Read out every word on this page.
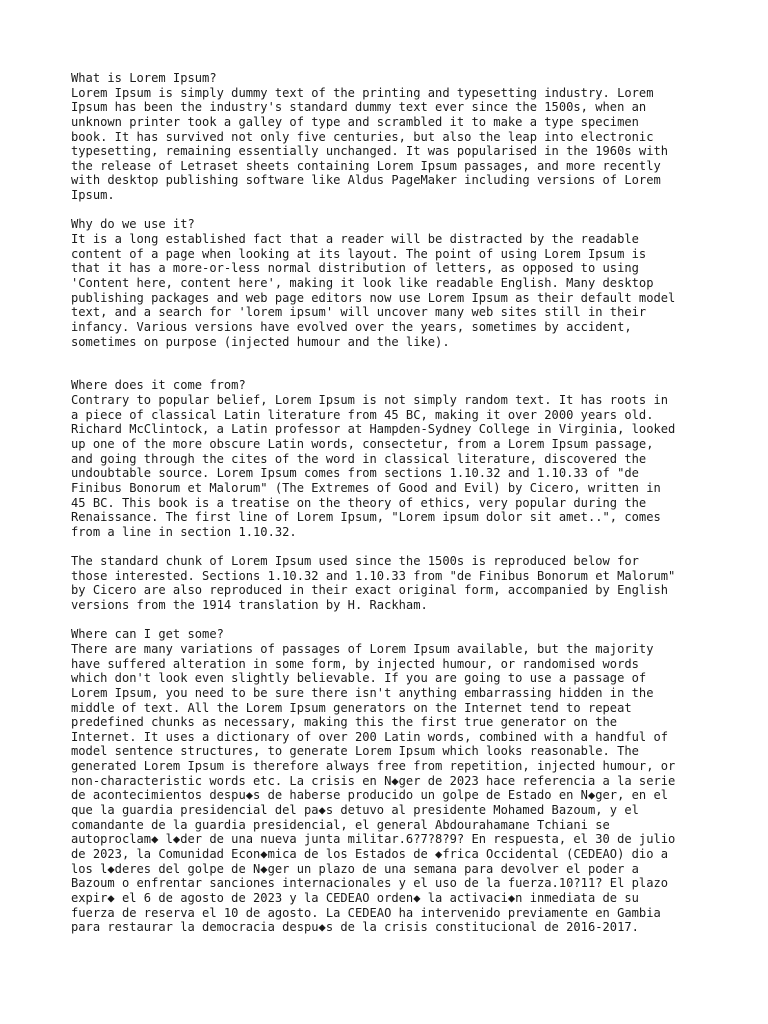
What is Lorem Ipsum?
Lorem Ipsum is simply dummy text of the printing and typesetting industry. Lorem
Ipsum has been the industry's standard dummy text ever since the 1500s, when an
unknown printer took a galley of type and scrambled it to make a type specimen
book. It has survived not only five centuries, but also the leap into electronic
typesetting, remaining essentially unchanged. It was popularised in the 1960s with
the release of Letraset sheets containing Lorem Ipsum passages, and more recently
with desktop publishing software like Aldus PageMaker including versions of Lorem
Ipsum.
Why do we use it?
It is a long established fact that a reader will be distracted by the readable
content of a page when looking at its layout. The point of using Lorem Ipsum is
that it has a more-or-less normal distribution of letters, as opposed to using
'Content here, content here', making it look like readable English. Many desktop
publishing packages and web page editors now use Lorem Ipsum as their default model
text, and a search for 'lorem ipsum' will uncover many web sites still in their
infancy. Various versions have evolved over the years, sometimes by accident,
sometimes on purpose (injected humour and the like).
Where does it come from?
Contrary to popular belief, Lorem Ipsum is not simply random text. It has roots in
a piece of classical Latin literature from 45 BC, making it over 2000 years old.
Richard McClintock, a Latin professor at Hampden-Sydney College in Virginia, looked
up one of the more obscure Latin words, consectetur, from a Lorem Ipsum passage,
and going through the cites of the word in classical literature, discovered the
undoubtable source. Lorem Ipsum comes from sections 1.10.32 and 1.10.33 of "de
Finibus Bonorum et Malorum" (The Extremes of Good and Evil) by Cicero, written in
45 BC. This book is a treatise on the theory of ethics, very popular during the
Renaissance. The first line of Lorem Ipsum, "Lorem ipsum dolor sit amet..", comes
from a line in section 1.10.32.
The standard chunk of Lorem Ipsum used since the 1500s is reproduced below for
those interested. Sections 1.10.32 and 1.10.33 from "de Finibus Bonorum et Malorum"
by Cicero are also reproduced in their exact original form, accompanied by English
versions from the 1914 translation by H. Rackham.
Where can I get some?
There are many variations of passages of Lorem Ipsum available, but the majority
have suffered alteration in some form, by injected humour, or randomised words
which don't look even slightly believable. If you are going to use a passage of
Lorem Ipsum, you need to be sure there isn't anything embarrassing hidden in the
middle of text. All the Lorem Ipsum generators on the Internet tend to repeat
predefined chunks as necessary, making this the first true generator on the
Internet. It uses a dictionary of over 200 Latin words, combined with a handful of
model sentence structures, to generate Lorem Ipsum which looks reasonable. The
generated Lorem Ipsum is therefore always free from repetition, injected humour, or
non-characteristic words etc. La crisis en N◆ger de 2023 hace referencia a la serie
de acontecimientos despu◆s de haberse producido un golpe de Estado en N◆ger, en el
que la guardia presidencial del pa◆s detuvo al presidente Mohamed Bazoum, y el
comandante de la guardia presidencial, el general Abdourahamane Tchiani se
autoproclam◆ l◆der de una nueva junta militar.6?7?8?9? En respuesta, el 30 de julio
de 2023, la Comunidad Econ◆mica de los Estados de ◆frica Occidental (CEDEAO) dio a
los l◆deres del golpe de N◆ger un plazo de una semana para devolver el poder a
Bazoum o enfrentar sanciones internacionales y el uso de la fuerza.10?11? El plazo
expir◆ el 6 de agosto de 2023 y la CEDEAO orden◆ la activaci◆n inmediata de su
fuerza de reserva el 10 de agosto. La CEDEAO ha intervenido previamente en Gambia
para restaurar la democracia despu◆s de la crisis constitucional de 2016-2017.
